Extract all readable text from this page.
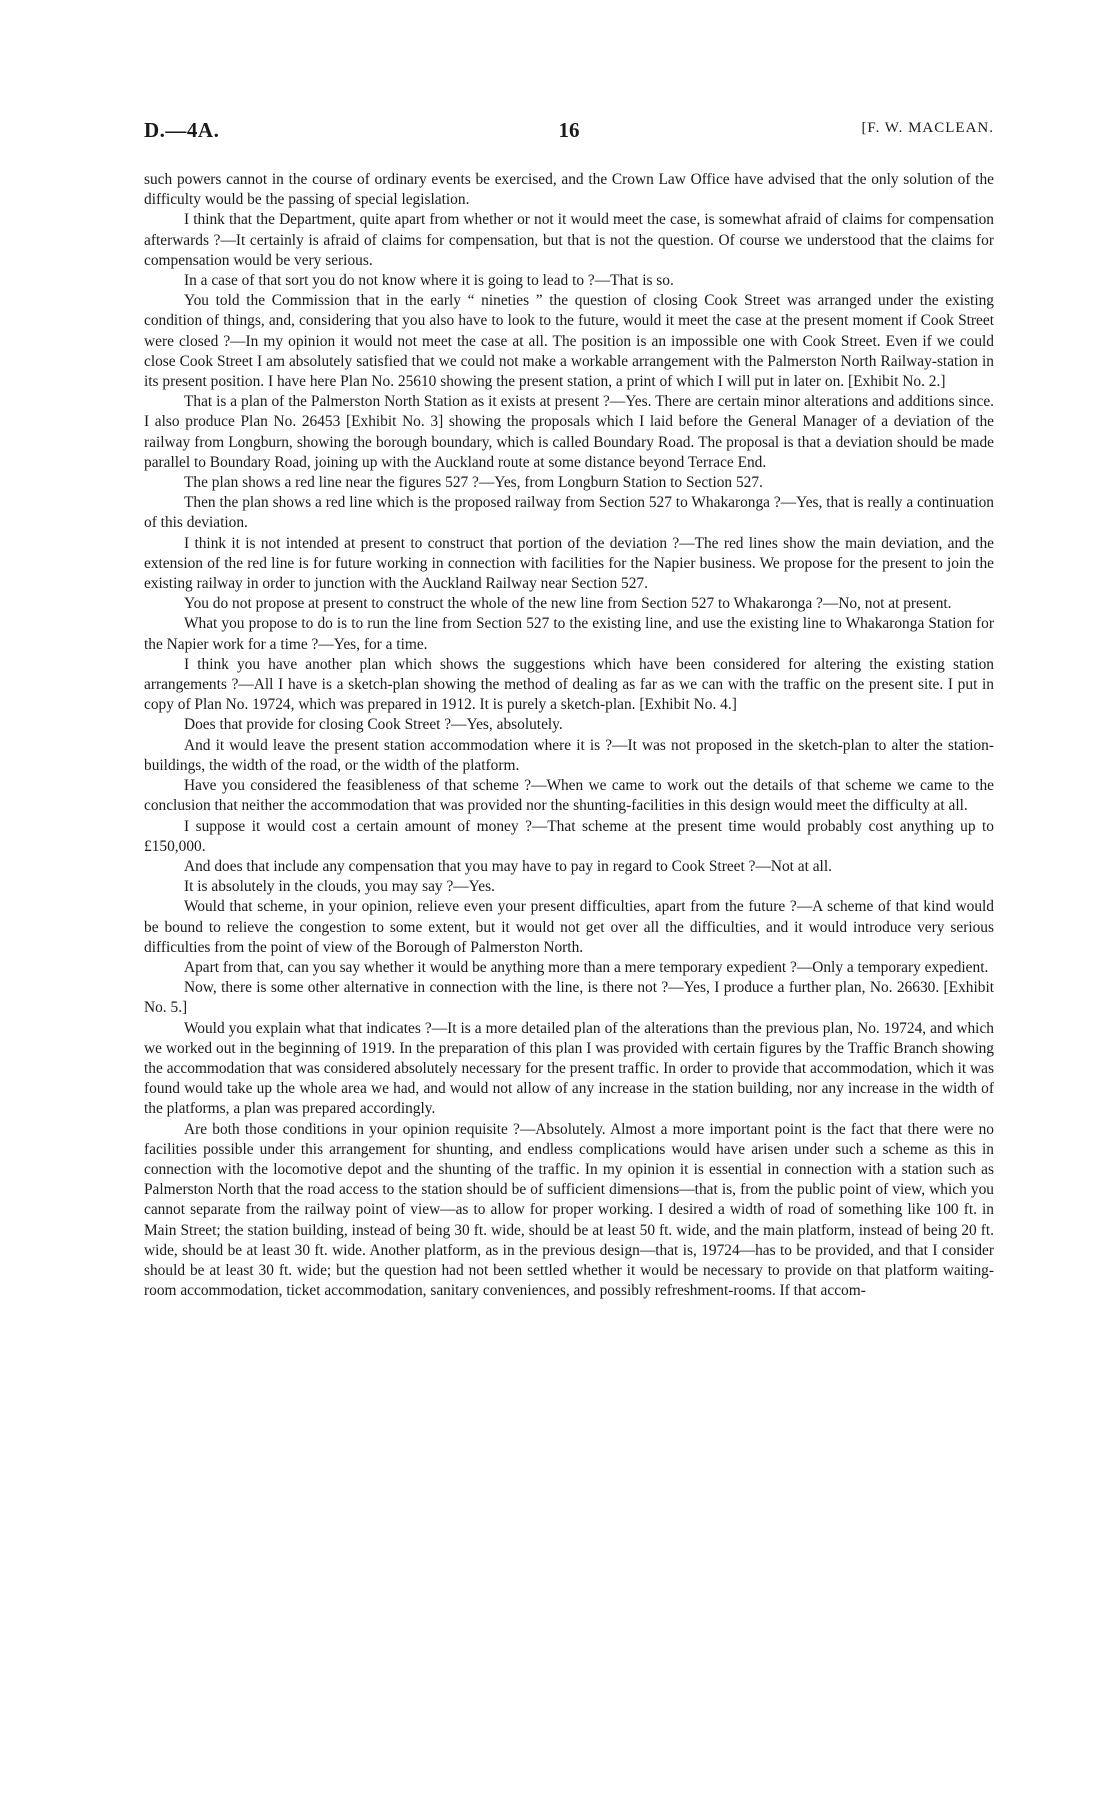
D.—4A.	16	[F. W. MACLEAN.

such powers cannot in the course of ordinary events be exercised, and the Crown Law Office have advised that the only solution of the difficulty would be the passing of special legislation.

I think that the Department, quite apart from whether or not it would meet the case, is somewhat afraid of claims for compensation afterwards ?—It certainly is afraid of claims for compensation, but that is not the question. Of course we understood that the claims for compensation would be very serious.

In a case of that sort you do not know where it is going to lead to ?—That is so.

You told the Commission that in the early “ nineties ” the question of closing Cook Street was arranged under the existing condition of things, and, considering that you also have to look to the future, would it meet the case at the present moment if Cook Street were closed ?—In my opinion it would not meet the case at all. The position is an impossible one with Cook Street. Even if we could close Cook Street I am absolutely satisfied that we could not make a workable arrangement with the Palmerston North Railway-station in its present position. I have here Plan No. 25610 showing the present station, a print of which I will put in later on. [Exhibit No. 2.]

That is a plan of the Palmerston North Station as it exists at present ?—Yes. There are certain minor alterations and additions since. I also produce Plan No. 26453 [Exhibit No. 3] showing the proposals which I laid before the General Manager of a deviation of the railway from Longburn, showing the borough boundary, which is called Boundary Road. The proposal is that a deviation should be made parallel to Boundary Road, joining up with the Auckland route at some distance beyond Terrace End.

The plan shows a red line near the figures 527 ?—Yes, from Longburn Station to Section 527.

Then the plan shows a red line which is the proposed railway from Section 527 to Whakaronga ?—Yes, that is really a continuation of this deviation.

I think it is not intended at present to construct that portion of the deviation ?—The red lines show the main deviation, and the extension of the red line is for future working in connection with facilities for the Napier business. We propose for the present to join the existing railway in order to junction with the Auckland Railway near Section 527.

You do not propose at present to construct the whole of the new line from Section 527 to Whakaronga ?—No, not at present.

What you propose to do is to run the line from Section 527 to the existing line, and use the existing line to Whakaronga Station for the Napier work for a time ?—Yes, for a time.

I think you have another plan which shows the suggestions which have been considered for altering the existing station arrangements ?—All I have is a sketch-plan showing the method of dealing as far as we can with the traffic on the present site. I put in copy of Plan No. 19724, which was prepared in 1912. It is purely a sketch-plan. [Exhibit No. 4.]

Does that provide for closing Cook Street ?—Yes, absolutely.

And it would leave the present station accommodation where it is ?—It was not proposed in the sketch-plan to alter the station-buildings, the width of the road, or the width of the platform.

Have you considered the feasibleness of that scheme ?—When we came to work out the details of that scheme we came to the conclusion that neither the accommodation that was provided nor the shunting-facilities in this design would meet the difficulty at all.

I suppose it would cost a certain amount of money ?—That scheme at the present time would probably cost anything up to £150,000.

And does that include any compensation that you may have to pay in regard to Cook Street ?—Not at all.

It is absolutely in the clouds, you may say ?—Yes.

Would that scheme, in your opinion, relieve even your present difficulties, apart from the future ?—A scheme of that kind would be bound to relieve the congestion to some extent, but it would not get over all the difficulties, and it would introduce very serious difficulties from the point of view of the Borough of Palmerston North.

Apart from that, can you say whether it would be anything more than a mere temporary expedient ?—Only a temporary expedient.

Now, there is some other alternative in connection with the line, is there not ?—Yes, I produce a further plan, No. 26630. [Exhibit No. 5.]

Would you explain what that indicates ?—It is a more detailed plan of the alterations than the previous plan, No. 19724, and which we worked out in the beginning of 1919. In the preparation of this plan I was provided with certain figures by the Traffic Branch showing the accommodation that was considered absolutely necessary for the present traffic. In order to provide that accommodation, which it was found would take up the whole area we had, and would not allow of any increase in the station building, nor any increase in the width of the platforms, a plan was prepared accordingly.

Are both those conditions in your opinion requisite ?—Absolutely. Almost a more important point is the fact that there were no facilities possible under this arrangement for shunting, and endless complications would have arisen under such a scheme as this in connection with the locomotive depot and the shunting of the traffic. In my opinion it is essential in connection with a station such as Palmerston North that the road access to the station should be of sufficient dimensions—that is, from the public point of view, which you cannot separate from the railway point of view—as to allow for proper working. I desired a width of road of something like 100 ft. in Main Street; the station building, instead of being 30 ft. wide, should be at least 50 ft. wide, and the main platform, instead of being 20 ft. wide, should be at least 30 ft. wide. Another platform, as in the previous design—that is, 19724—has to be provided, and that I consider should be at least 30 ft. wide; but the question had not been settled whether it would be necessary to provide on that platform waiting-room accommodation, ticket accommodation, sanitary conveniences, and possibly refreshment-rooms. If that accom-
